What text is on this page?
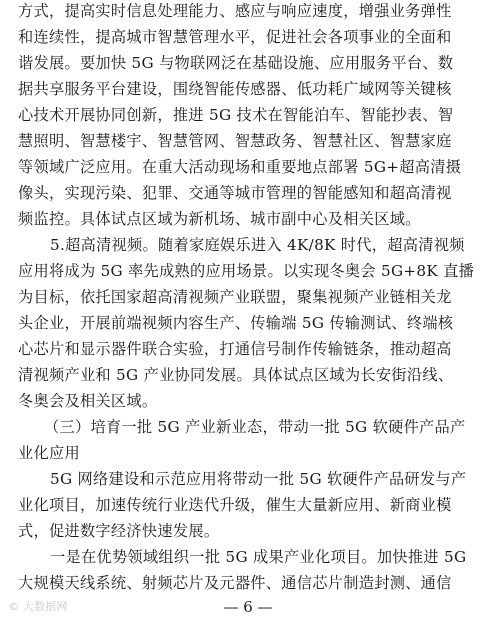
方式，提高实时信息处理能力、感应与响应速度，增强业务弹性
和连续性，提高城市智慧管理水平，促进社会各项事业的全面和
谐发展。要加快 5G 与物联网泛在基础设施、应用服务平台、数
据共享服务平台建设，围绕智能传感器、低功耗广域网等关键核
心技术开展协同创新，推进 5G 技术在智能泊车、智能抄表、智
慧照明、智慧楼宇、智慧管网、智慧政务、智慧社区、智慧家庭
等领域广泛应用。在重大活动现场和重要地点部署 5G+超高清摄
像头，实现污染、犯罪、交通等城市管理的智能感知和超高清视
频监控。具体试点区域为新机场、城市副中心及相关区域。
5.超高清视频。随着家庭娱乐进入 4K/8K 时代，超高清视频
应用将成为 5G 率先成熟的应用场景。以实现冬奥会 5G+8K 直播
为目标，依托国家超高清视频产业联盟，聚集视频产业链相关龙
头企业，开展前端视频内容生产、传输端 5G 传输测试、终端核
心芯片和显示器件联合实验，打通信号制作传输链条，推动超高
清视频产业和 5G 产业协同发展。具体试点区域为长安街沿线、
冬奥会及相关区域。
（三）培育一批 5G 产业新业态，带动一批 5G 软硬件产品产
业化应用
5G 网络建设和示范应用将带动一批 5G 软硬件产品研发与产
业化项目，加速传统行业迭代升级，催生大量新应用、新商业模
式，促进数字经济快速发展。
一是在优势领域组织一批 5G 成果产业化项目。加快推进 5G
大规模天线系统、射频芯片及元器件、通信芯片制造封测、通信
© 大数据网	— 6 —
